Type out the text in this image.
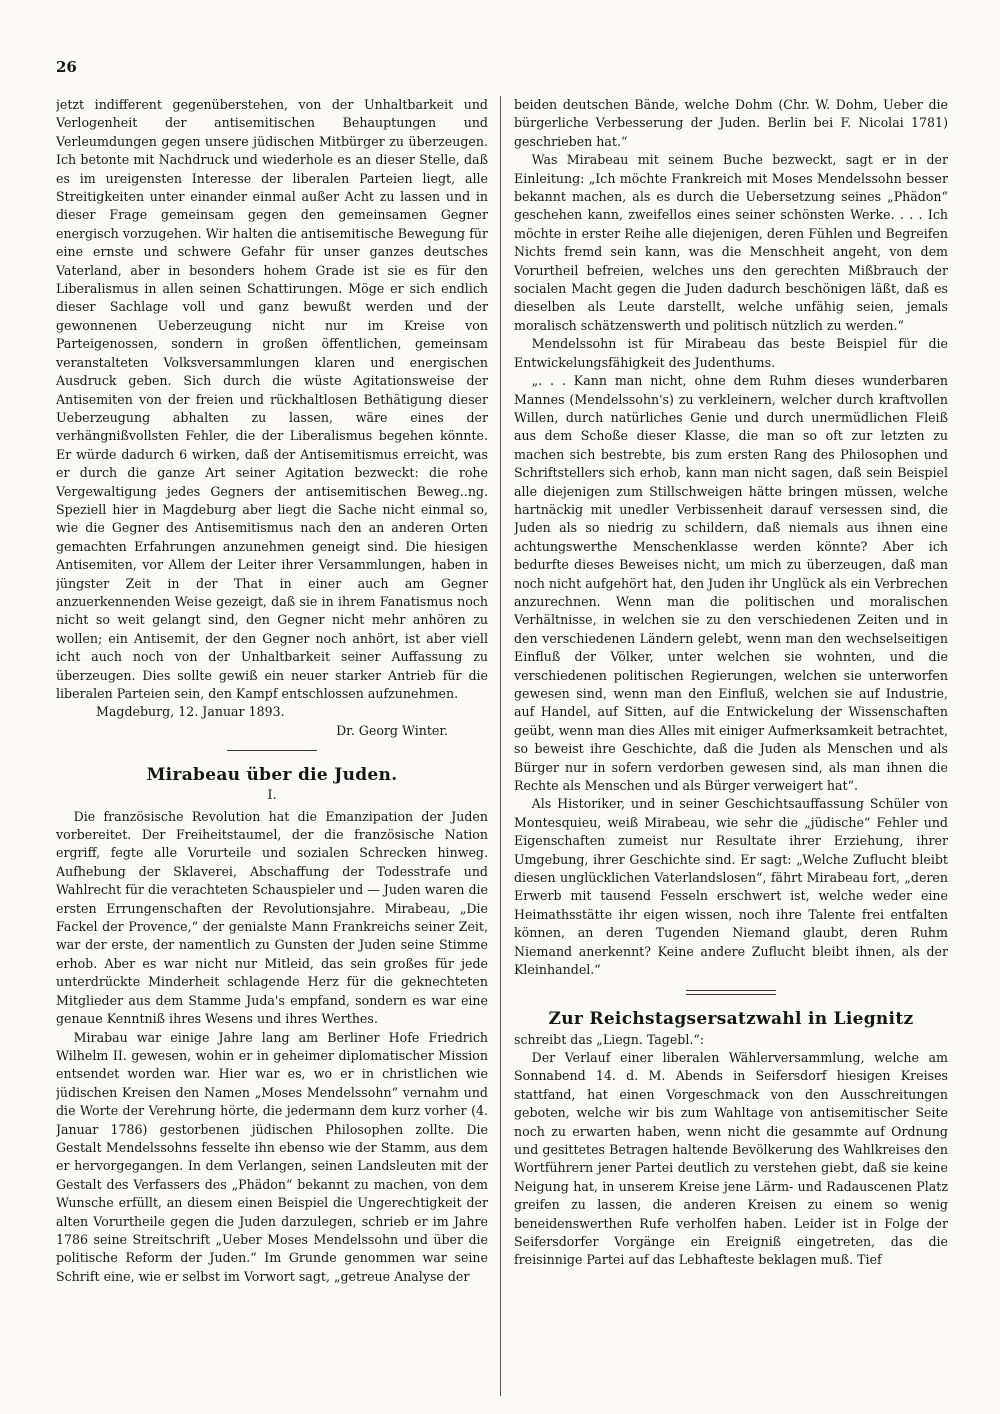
26

jetzt indifferent gegenüberstehen, von der Unhaltbarkeit und Verlogenheit der antisemitischen Behauptungen und Verleumdungen gegen unsere jüdischen Mitbürger zu überzeugen. Ich betonte mit Nachdruck und wiederhole es an dieser Stelle, daß es im ureigensten Interesse der liberalen Parteien liegt, alle Streitigkeiten unter einander einmal außer Acht zu lassen und in dieser Frage gemeinsam gegen den gemeinsamen Gegner energisch vorzugehen. Wir halten die antisemitische Bewegung für eine ernste und schwere Gefahr für unser ganzes deutsches Vaterland, aber in besonders hohem Grade ist sie es für den Liberalismus in allen seinen Schattirungen. Möge er sich endlich dieser Sachlage voll und ganz bewußt werden und der gewonnenen Ueberzeugung nicht nur im Kreise von Parteigenossen, sondern in großen öffentlichen, gemeinsam veranstalteten Volksversammlungen klaren und energischen Ausdruck geben. Sich durch die wüste Agitationsweise der Antisemiten von der freien und rückhaltlosen Bethätigung dieser Ueberzeugung abhalten zu lassen, wäre eines der verhängnißvollsten Fehler, die der Liberalismus begehen könnte. Er würde dadurch 6 wirken, daß der Antisemitismus erreicht, was er durch die ganze Art seiner Agitation bezweckt: die rohe Vergewaltigung jedes Gegners der antisemitischen Beweg..ng. Speziell hier in Magdeburg aber liegt die Sache nicht einmal so, wie die Gegner des Antisemitismus nach den an anderen Orten gemachten Erfahrungen anzunehmen geneigt sind. Die hiesigen Antisemiten, vor Allem der Leiter ihrer Versammlungen, haben in jüngster Zeit in der That in einer auch am Gegner anzuerkennenden Weise gezeigt, daß sie in ihrem Fanatismus noch nicht so weit gelangt sind, den Gegner nicht mehr anhören zu wollen; ein Antisemit, der den Gegner noch anhört, ist aber viell icht auch noch von der Unhaltbarkeit seiner Auffassung zu überzeugen. Dies sollte gewiß ein neuer starker Antrieb für die liberalen Parteien sein, den Kampf entschlossen aufzunehmen.

Magdeburg, 12. Januar 1893.
Dr. Georg Winter.
Mirabeau über die Juden.
I.

Die französische Revolution hat die Emanzipation der Juden vorbereitet. Der Freiheitstaumel, der die französische Nation ergriff, fegte alle Vorurteile und sozialen Schrecken hinweg. Aufhebung der Sklaverei, Abschaffung der Todesstrafe und Wahlrecht für die verachteten Schauspieler und — Juden waren die ersten Errungenschaften der Revolutionsjahre. Mirabeau, „Die Fackel der Provence,“ der genialste Mann Frankreichs seiner Zeit, war der erste, der namentlich zu Gunsten der Juden seine Stimme erhob. Aber es war nicht nur Mitleid, das sein großes für jede unterdrückte Minderheit schlagende Herz für die geknechteten Mitglieder aus dem Stamme Juda's empfand, sondern es war eine genaue Kenntniß ihres Wesens und ihres Werthes.

Mirabau war einige Jahre lang am Berliner Hofe Friedrich Wilhelm II. gewesen, wohin er in geheimer diplomatischer Mission entsendet worden war. Hier war es, wo er in christlichen wie jüdischen Kreisen den Namen „Moses Mendelssohn“ vernahm und die Worte der Verehrung hörte, die jedermann dem kurz vorher (4. Januar 1786) gestorbenen jüdischen Philosophen zollte. Die Gestalt Mendelssohns fesselte ihn ebenso wie der Stamm, aus dem er hervorgegangen. In dem Verlangen, seinen Landsleuten mit der Gestalt des Verfassers des „Phädon“ bekannt zu machen, von dem Wunsche erfüllt, an diesem einen Beispiel die Ungerechtigkeit der alten Vorurtheile gegen die Juden darzulegen, schrieb er im Jahre 1786 seine Streitschrift „Ueber Moses Mendelssohn und über die politische Reform der Juden.“ Im Grunde genommen war seine Schrift eine, wie er selbst im Vorwort sagt, „getreue Analyse der

beiden deutschen Bände, welche Dohm (Chr. W. Dohm, Ueber die bürgerliche Verbesserung der Juden. Berlin bei F. Nicolai 1781) geschrieben hat.“

Was Mirabeau mit seinem Buche bezweckt, sagt er in der Einleitung: „Ich möchte Frankreich mit Moses Mendelssohn besser bekannt machen, als es durch die Uebersetzung seines „Phädon“ geschehen kann, zweifellos eines seiner schönsten Werke. . . . Ich möchte in erster Reihe alle diejenigen, deren Fühlen und Begreifen Nichts fremd sein kann, was die Menschheit angeht, von dem Vorurtheil befreien, welches uns den gerechten Mißbrauch der socialen Macht gegen die Juden dadurch beschönigen läßt, daß es dieselben als Leute darstellt, welche unfähig seien, jemals moralisch schätzenswerth und politisch nützlich zu werden.“

Mendelssohn ist für Mirabeau das beste Beispiel für die Entwickelungsfähigkeit des Judenthums.

„. . . Kann man nicht, ohne dem Ruhm dieses wunderbaren Mannes (Mendelssohn's) zu verkleinern, welcher durch kraftvollen Willen, durch natürliches Genie und durch unermüdlichen Fleiß aus dem Schoße dieser Klasse, die man so oft zur letzten zu machen sich bestrebte, bis zum ersten Rang des Philosophen und Schriftstellers sich erhob, kann man nicht sagen, daß sein Beispiel alle diejenigen zum Stillschweigen hätte bringen müssen, welche hartnäckig mit unedler Verbissenheit darauf versessen sind, die Juden als so niedrig zu schildern, daß niemals aus ihnen eine achtungswerthe Menschenklasse werden könnte? Aber ich bedurfte dieses Beweises nicht, um mich zu überzeugen, daß man noch nicht aufgehört hat, den Juden ihr Unglück als ein Verbrechen anzurechnen. Wenn man die politischen und moralischen Verhältnisse, in welchen sie zu den verschiedenen Zeiten und in den verschiedenen Ländern gelebt, wenn man den wechselseitigen Einfluß der Völker, unter welchen sie wohnten, und die verschiedenen politischen Regierungen, welchen sie unterworfen gewesen sind, wenn man den Einfluß, welchen sie auf Industrie, auf Handel, auf Sitten, auf die Entwickelung der Wissenschaften geübt, wenn man dies Alles mit einiger Aufmerksamkeit betrachtet, so beweist ihre Geschichte, daß die Juden als Menschen und als Bürger nur in sofern verdorben gewesen sind, als man ihnen die Rechte als Menschen und als Bürger verweigert hat“.

Als Historiker, und in seiner Geschichtsauffassung Schüler von Montesquieu, weiß Mirabeau, wie sehr die „jüdische“ Fehler und Eigenschaften zumeist nur Resultate ihrer Erziehung, ihrer Umgebung, ihrer Geschichte sind. Er sagt: „Welche Zuflucht bleibt diesen unglücklichen Vaterlandslosen“, fährt Mirabeau fort, „deren Erwerb mit tausend Fesseln erschwert ist, welche weder eine Heimathsstätte ihr eigen wissen, noch ihre Talente frei entfalten können, an deren Tugenden Niemand glaubt, deren Ruhm Niemand anerkennt? Keine andere Zuflucht bleibt ihnen, als der Kleinhandel.“

Zur Reichstagsersatzwahl in Liegnitz

schreibt das „Liegn. Tagebl.“:

Der Verlauf einer liberalen Wählerversammlung, welche am Sonnabend 14. d. M. Abends in Seifersdorf hiesigen Kreises stattfand, hat einen Vorgeschmack von den Ausschreitungen geboten, welche wir bis zum Wahltage von antisemitischer Seite noch zu erwarten haben, wenn nicht die gesammte auf Ordnung und gesittetes Betragen haltende Bevölkerung des Wahlkreises den Wortführern jener Partei deutlich zu verstehen giebt, daß sie keine Neigung hat, in unserem Kreise jene Lärm- und Radauscenen Platz greifen zu lassen, die anderen Kreisen zu einem so wenig beneidenswerthen Rufe verholfen haben. Leider ist in Folge der Seifersdorfer Vorgänge ein Ereigniß eingetreten, das die freisinnige Partei auf das Lebhafteste beklagen muß. Tief
